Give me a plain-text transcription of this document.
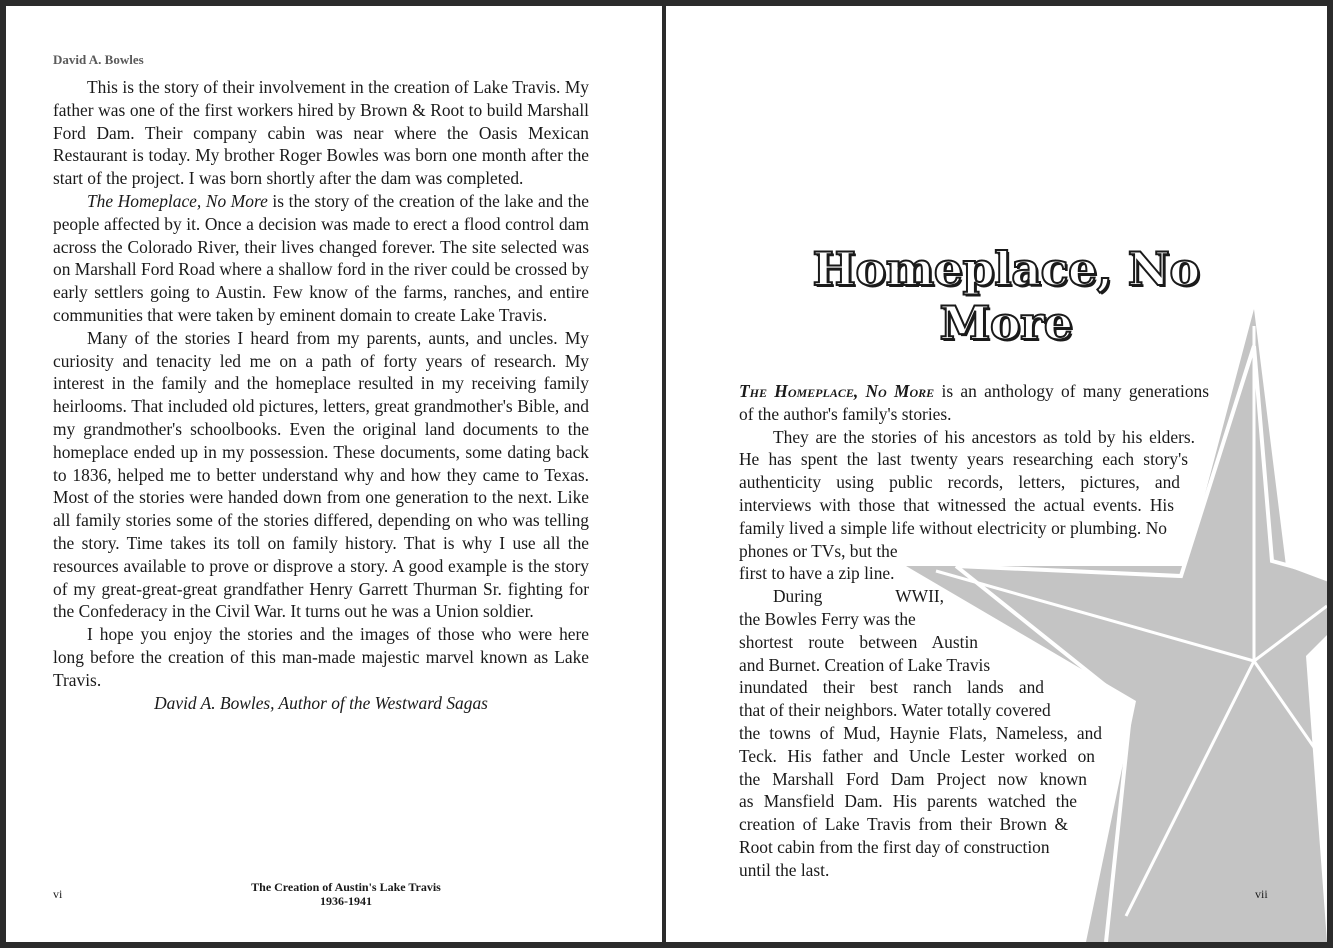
David A. Bowles

This is the story of their involvement in the creation of Lake Travis. My father was one of the first workers hired by Brown & Root to build Marshall Ford Dam. Their company cabin was near where the Oasis Mexican Restaurant is today. My brother Roger Bowles was born one month after the start of the project. I was born shortly after the dam was completed.

The Homeplace, No More is the story of the creation of the lake and the people affected by it. Once a decision was made to erect a flood control dam across the Colorado River, their lives changed forever. The site selected was on Marshall Ford Road where a shallow ford in the river could be crossed by early settlers going to Austin. Few know of the farms, ranches, and entire communities that were taken by eminent domain to create Lake Travis.

Many of the stories I heard from my parents, aunts, and uncles. My curiosity and tenacity led me on a path of forty years of research. My interest in the family and the homeplace resulted in my receiving family heirlooms. That included old pictures, letters, great grandmother's Bible, and my grandmother's schoolbooks. Even the original land documents to the homeplace ended up in my possession. These documents, some dating back to 1836, helped me to better understand why and how they came to Texas. Most of the stories were handed down from one generation to the next. Like all family stories some of the stories differed, depending on who was telling the story. Time takes its toll on family history. That is why I use all the resources available to prove or disprove a story. A good example is the story of my great-great-great grandfather Henry Garrett Thurman Sr. fighting for the Confederacy in the Civil War. It turns out he was a Union soldier.

I hope you enjoy the stories and the images of those who were here long before the creation of this man-made majestic marvel known as Lake Travis.

David A. Bowles, Author of the Westward Sagas

vi	The Creation of Austin's Lake Travis
1936-1941
Homeplace, No More
The Homeplace, No More is an anthology of many generations
of the author's family's stories.
They are the stories of his ancestors as told by his elders.
He has spent the last twenty years researching each story's
authenticity using public records, letters, pictures, and
interviews with those that witnessed the actual events. His
family lived a simple life without electricity or plumbing. No
phones or TVs, but the
first to have a zip line.
During WWII,
the Bowles Ferry was the
shortest route between Austin
and Burnet. Creation of Lake Travis
inundated their best ranch lands and
that of their neighbors. Water totally covered
the towns of Mud, Haynie Flats, Nameless, and
Teck. His father and Uncle Lester worked on
the Marshall Ford Dam Project now known
as Mansfield Dam. His parents watched the
creation of Lake Travis from their Brown &
Root cabin from the first day of construction
until the last.
vii
